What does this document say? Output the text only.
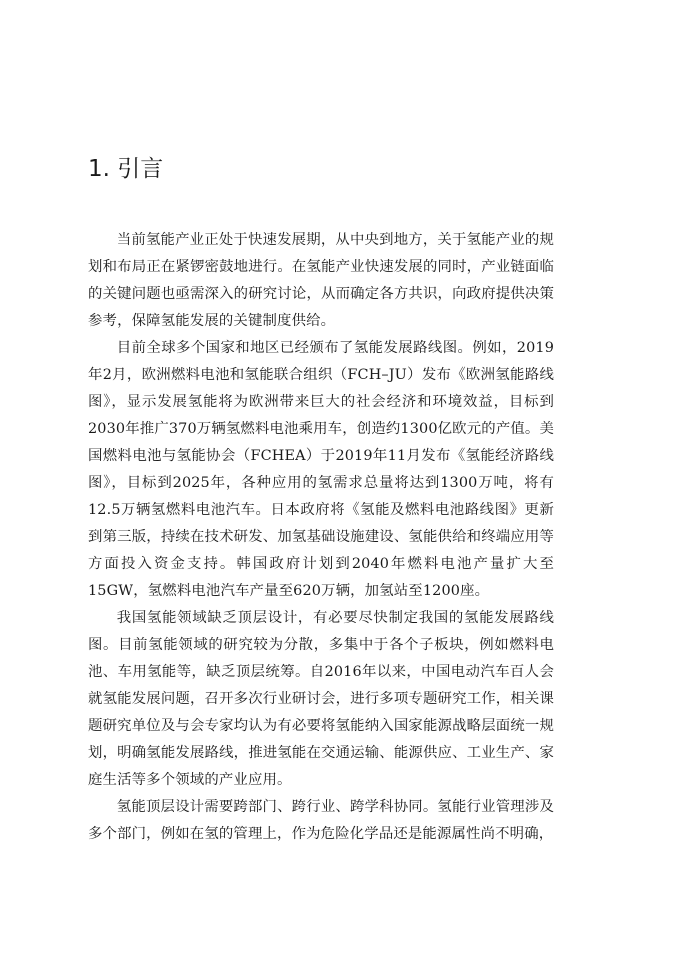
1. 引言

当前氢能产业正处于快速发展期，从中央到地方，关于氢能产业的规划和布局正在紧锣密鼓地进行。在氢能产业快速发展的同时，产业链面临的关键问题也亟需深入的研究讨论，从而确定各方共识，向政府提供决策参考，保障氢能发展的关键制度供给。

目前全球多个国家和地区已经颁布了氢能发展路线图。例如，2019年2月，欧洲燃料电池和氢能联合组织（FCH–JU）发布《欧洲氢能路线图》，显示发展氢能将为欧洲带来巨大的社会经济和环境效益，目标到2030年推广370万辆氢燃料电池乘用车，创造约1300亿欧元的产值。美国燃料电池与氢能协会（FCHEA）于2019年11月发布《氢能经济路线图》，目标到2025年，各种应用的氢需求总量将达到1300万吨，将有12.5万辆氢燃料电池汽车。日本政府将《氢能及燃料电池路线图》更新到第三版，持续在技术研发、加氢基础设施建设、氢能供给和终端应用等方面投入资金支持。韩国政府计划到2040年燃料电池产量扩大至15GW，氢燃料电池汽车产量至620万辆，加氢站至1200座。

我国氢能领域缺乏顶层设计，有必要尽快制定我国的氢能发展路线图。目前氢能领域的研究较为分散，多集中于各个子板块，例如燃料电池、车用氢能等，缺乏顶层统筹。自2016年以来，中国电动汽车百人会就氢能发展问题，召开多次行业研讨会，进行多项专题研究工作，相关课题研究单位及与会专家均认为有必要将氢能纳入国家能源战略层面统一规划，明确氢能发展路线，推进氢能在交通运输、能源供应、工业生产、家庭生活等多个领域的产业应用。

氢能顶层设计需要跨部门、跨行业、跨学科协同。氢能行业管理涉及多个部门，例如在氢的管理上，作为危险化学品还是能源属性尚不明确，
